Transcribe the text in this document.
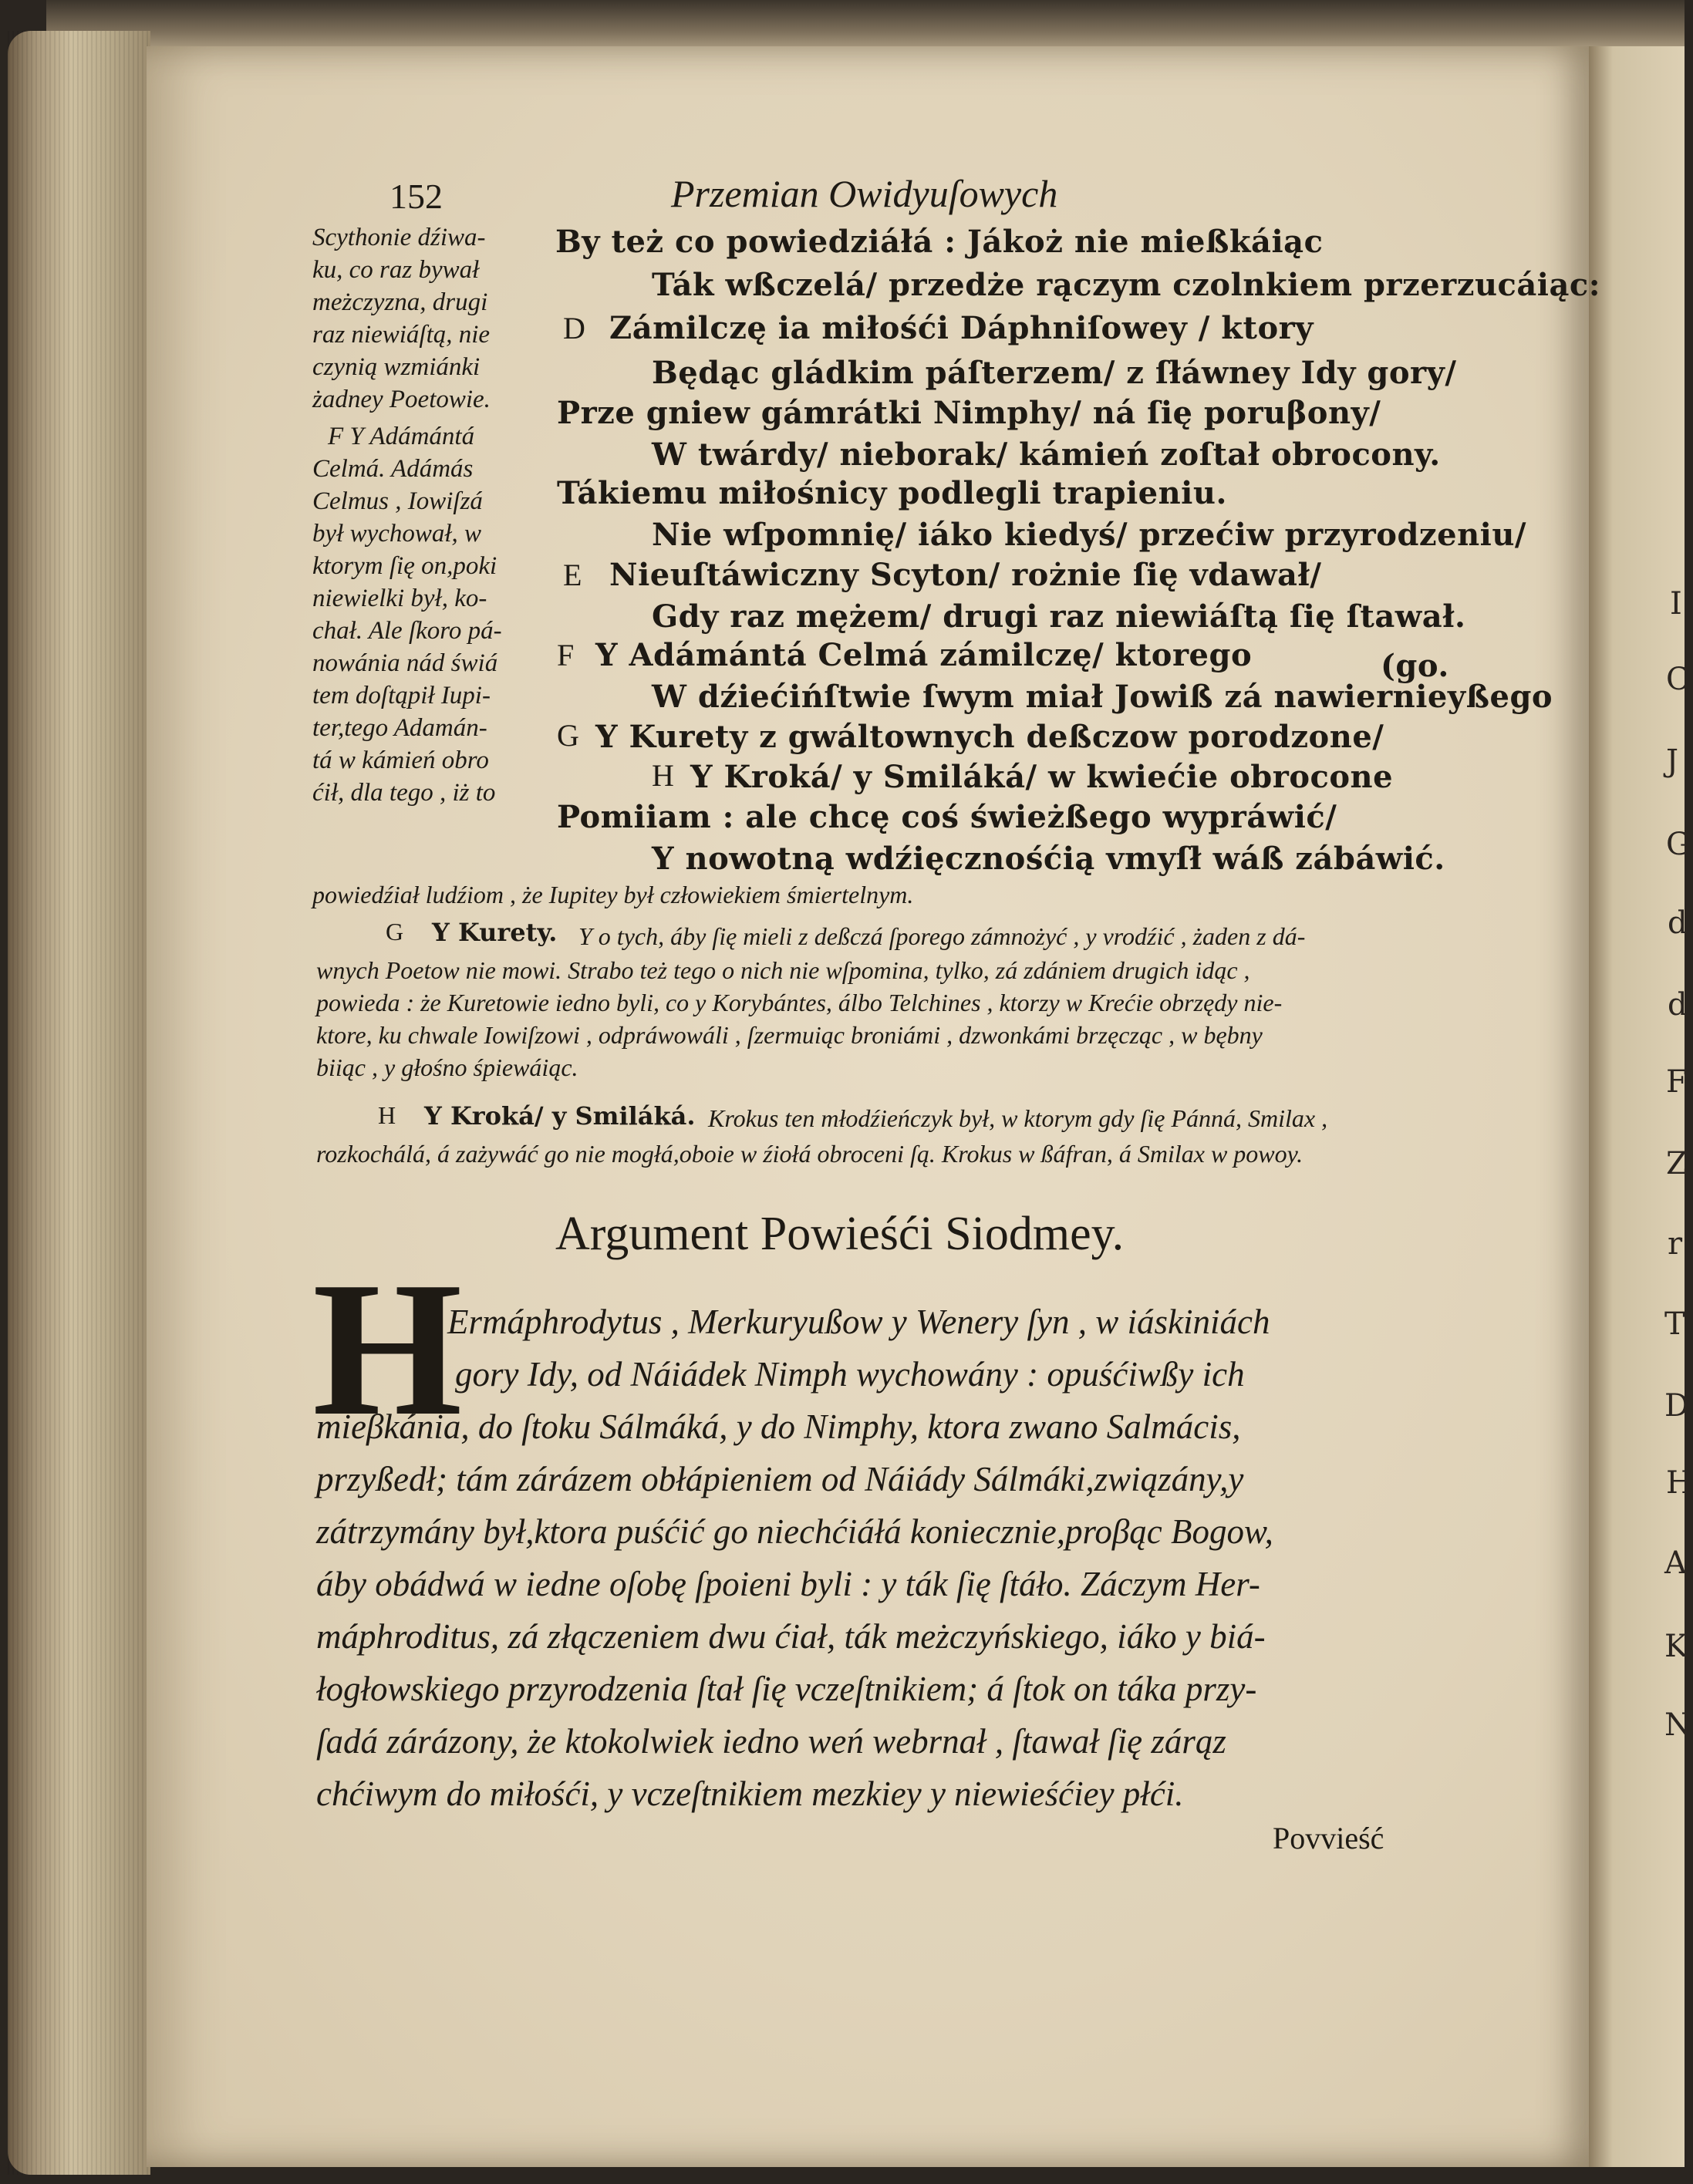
152	Przemian Owidyuſowych
Scythonie dźiwa-
ku, co raz bywał
meżczyzna, drugi
raz niewiáſtą, nie
czynią wzmiánki
żadney Poetowie.
F Y Adámántá
Celmá. Adámás
Celmus , Iowiſzá
był wychował, w
ktorym ſię on,poki
niewielki był, ko-
chał. Ale ſkoro pá-
nowánia nád świá
tem doſtąpił Iupi-
ter,tego Adamán-
tá w kámień obro
ćił, dla tego , iż to
By też co powiedziáłá : Jákoż nie mießkáiąc
Ták wßczelá/ przedże rączym czolnkiem przerzucáiąc:
D Zámilczę ia miłośći Dáphniſowey / ktory
Będąc gládkim páſterzem/ z ſłáwney Idy gory/
Prze gniew gámrátki Nimphy/ ná ſię poruβony/
W twárdy/ nieborak/ kámień zoſtał obrocony.
Tákiemu miłośnicy podlegli trapieniu.
Nie wſpomnię/ iáko kiedyś/ przećiw przyrodzeniu/
E Nieuſtáwiczny Scyton/ rożnie ſię vdawał/
Gdy raz mężem/ drugi raz niewiáſtą ſię ſtawał.
F Y Adámántá Celmá zámilczę/ ktorego	(go.
W dźiećińſtwie ſwym miał Jowiß zá nawiernieyßego
G Y Kurety z gwáltownych deßczow porodzone/
H Y Kroká/ y Smiláká/ w kwiećie obrocone
Pomiiam : ale chcę coś świeżßego wypráwić/
Y nowotną wdźięcznośćią vmyſł wáß zábáwić.
powiedźiał ludźiom , że Iupitey był człowiekiem śmiertelnym.
G Y Kurety. Y o tych, áby ſię mieli z deßczá ſporego zámnożyć , y vrodźić , żaden z dá-
wnych Poetow nie mowi. Strabo też tego o nich nie wſpomina, tylko, zá zdániem drugich idąc ,
powieda : że Kuretowie iedno byli, co y Korybántes, álbo Telchines , ktorzy w Krećie obrzędy nie-
ktore, ku chwale Iowiſzowi , odpráwowáli , ſzermuiąc broniámi , dzwonkámi brzęcząc , w bębny
biiąc , y głośno śpiewáiąc.
H Y Kroká/ y Smiláká. Krokus ten młodźieńczyk był, w ktorym gdy ſię Pánná, Smilax ,
rozkochálá, á zażywáć go nie mogłá,oboie w źiołá obroceni ſą. Krokus w ßáfran, á Smilax w powoy.
Argument Powieśći Siodmey.
H
Ermáphrodytus , Merkuryußow y Wenery ſyn , w iáskiniách
gory Idy, od Náiádek Nimph wychowány : opuśćiwßy ich
mieβkánia, do ſtoku Sálmáká, y do Nimphy, ktora zwano Salmácis,
przyßedł; tám zárázem obłápieniem od Náiády Sálmáki,związány,y
zátrzymány był,ktora puśćić go niechćiáłá koniecznie,proβąc Bogow,
áby obádwá w iedne oſobę ſpoieni byli : y ták ſię ſtáło. Záczym Her-
máphroditus, zá złączeniem dwu ćiał, ták meżczyńskiego, iáko y biá-
łogłowskiego przyrodzenia ſtał ſię vczeſtnikiem; á ſtok on táka przy-
ſadá zárázony, że ktokolwiek iedno weń webrnał , ſtawał ſię zárąz
chćiwym do miłośći, y vczeſtnikiem mezkiey y niewieśćiey płći.
Povvieść
I
C
J
G
d
d
F
Z
r
T
D
H
A
K
N
